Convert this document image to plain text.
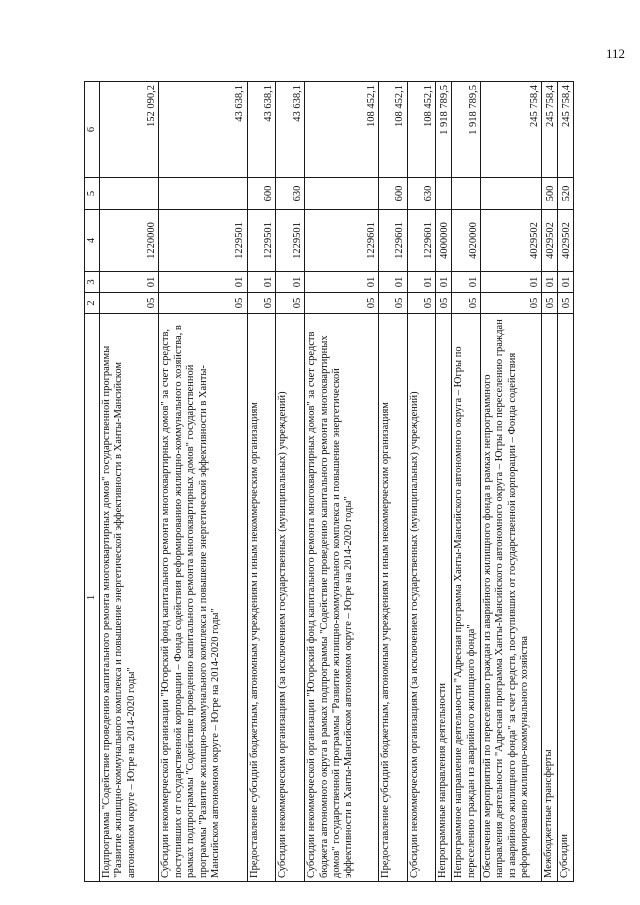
112
1	2	3	4	5	6
Подпрограмма "Содействие проведению капитального ремонта многоквартирных домов" государственной программы "Развитие жилищно-коммунального комплекса и повышение энергетической эффективности в Ханты-Мансийском автономном округе – Югре на 2014-2020 годы"	05	01	1220000		152 090,2
Субсидии некоммерческой организации "Югорский фонд капитального ремонта многоквартирных домов" за счет средств, поступивших от государственной корпорации – Фонда содействия реформированию жилищно-коммунального хозяйства, в рамках подпрограммы "Содействие проведению капитального ремонта многоквартирных домов" государственной программы "Развитие жилищно-коммунального комплекса и повышение энергетической эффективности в Ханты-Мансийском автономном округе – Югре на 2014-2020 годы"	05	01	1229501		43 638,1
Предоставление субсидий бюджетным, автономным учреждениям и иным некоммерческим организациям	05	01	1229501	600	43 638,1
Субсидии некоммерческим организациям (за исключением государственных (муниципальных) учреждений)	05	01	1229501	630	43 638,1
Субсидии некоммерческой организации "Югорский фонд капитального ремонта многоквартирных домов" за счет средств бюджета автономного округа в рамках подпрограммы "Содействие проведению капитального ремонта многоквартирных домов" государственной программы "Развитие жилищно-коммунального комплекса и повышение энергетической эффективности в Ханты-Мансийском автономном округе – Югре на 2014-2020 годы"	05	01	1229601		108 452,1
Предоставление субсидий бюджетным, автономным учреждениям и иным некоммерческим организациям	05	01	1229601	600	108 452,1
Субсидии некоммерческим организациям (за исключением государственных (муниципальных) учреждений)	05	01	1229601	630	108 452,1
Непрограммные направления деятельности	05	01	4000000		1 918 789,5
Непрограммное направление деятельности "Адресная программа Ханты-Мансийского автономного округа – Югры по переселению граждан из аварийного жилищного фонда"	05	01	4020000		1 918 789,5
Обеспечение мероприятий по переселению граждан из аварийного жилищного фонда в рамках непрограммного направления деятельности "Адресная программа Ханты-Мансийского автономного округа – Югры по переселению граждан из аварийного жилищного фонда" за счет средств, поступивших от государственной корпорации – Фонда содействия реформированию жилищно-коммунального хозяйства	05	01	4029502		245 758,4
Межбюджетные трансферты	05	01	4029502	500	245 758,4
Субсидии	05	01	4029502	520	245 758,4
